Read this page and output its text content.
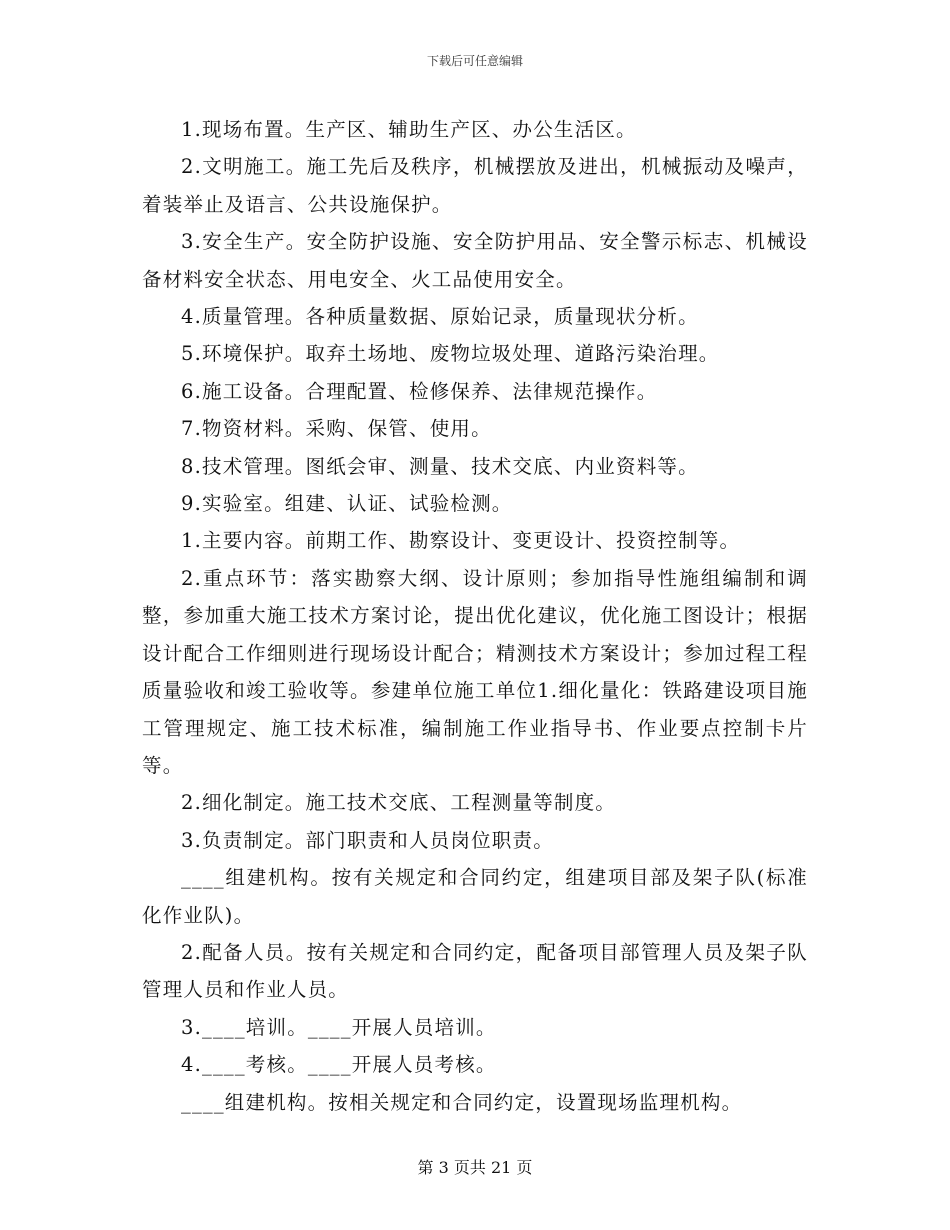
下载后可任意编辑

1.现场布置。生产区、辅助生产区、办公生活区。

2.文明施工。施工先后及秩序，机械摆放及进出，机械振动及噪声，着装举止及语言、公共设施保护。

3.安全生产。安全防护设施、安全防护用品、安全警示标志、机械设备材料安全状态、用电安全、火工品使用安全。

4.质量管理。各种质量数据、原始记录，质量现状分析。

5.环境保护。取弃土场地、废物垃圾处理、道路污染治理。

6.施工设备。合理配置、检修保养、法律规范操作。

7.物资材料。采购、保管、使用。

8.技术管理。图纸会审、测量、技术交底、内业资料等。

9.实验室。组建、认证、试验检测。

1.主要内容。前期工作、勘察设计、变更设计、投资控制等。

2.重点环节：落实勘察大纲、设计原则；参加指导性施组编制和调整，参加重大施工技术方案讨论，提出优化建议，优化施工图设计；根据设计配合工作细则进行现场设计配合；精测技术方案设计；参加过程工程质量验收和竣工验收等。参建单位施工单位1.细化量化：铁路建设项目施工管理规定、施工技术标准，编制施工作业指导书、作业要点控制卡片等。

2.细化制定。施工技术交底、工程测量等制度。

3.负责制定。部门职责和人员岗位职责。

____组建机构。按有关规定和合同约定，组建项目部及架子队(标准化作业队)。

2.配备人员。按有关规定和合同约定，配备项目部管理人员及架子队管理人员和作业人员。

3.____培训。____开展人员培训。

4.____考核。____开展人员考核。

____组建机构。按相关规定和合同约定，设置现场监理机构。

第 3 页共 21 页
